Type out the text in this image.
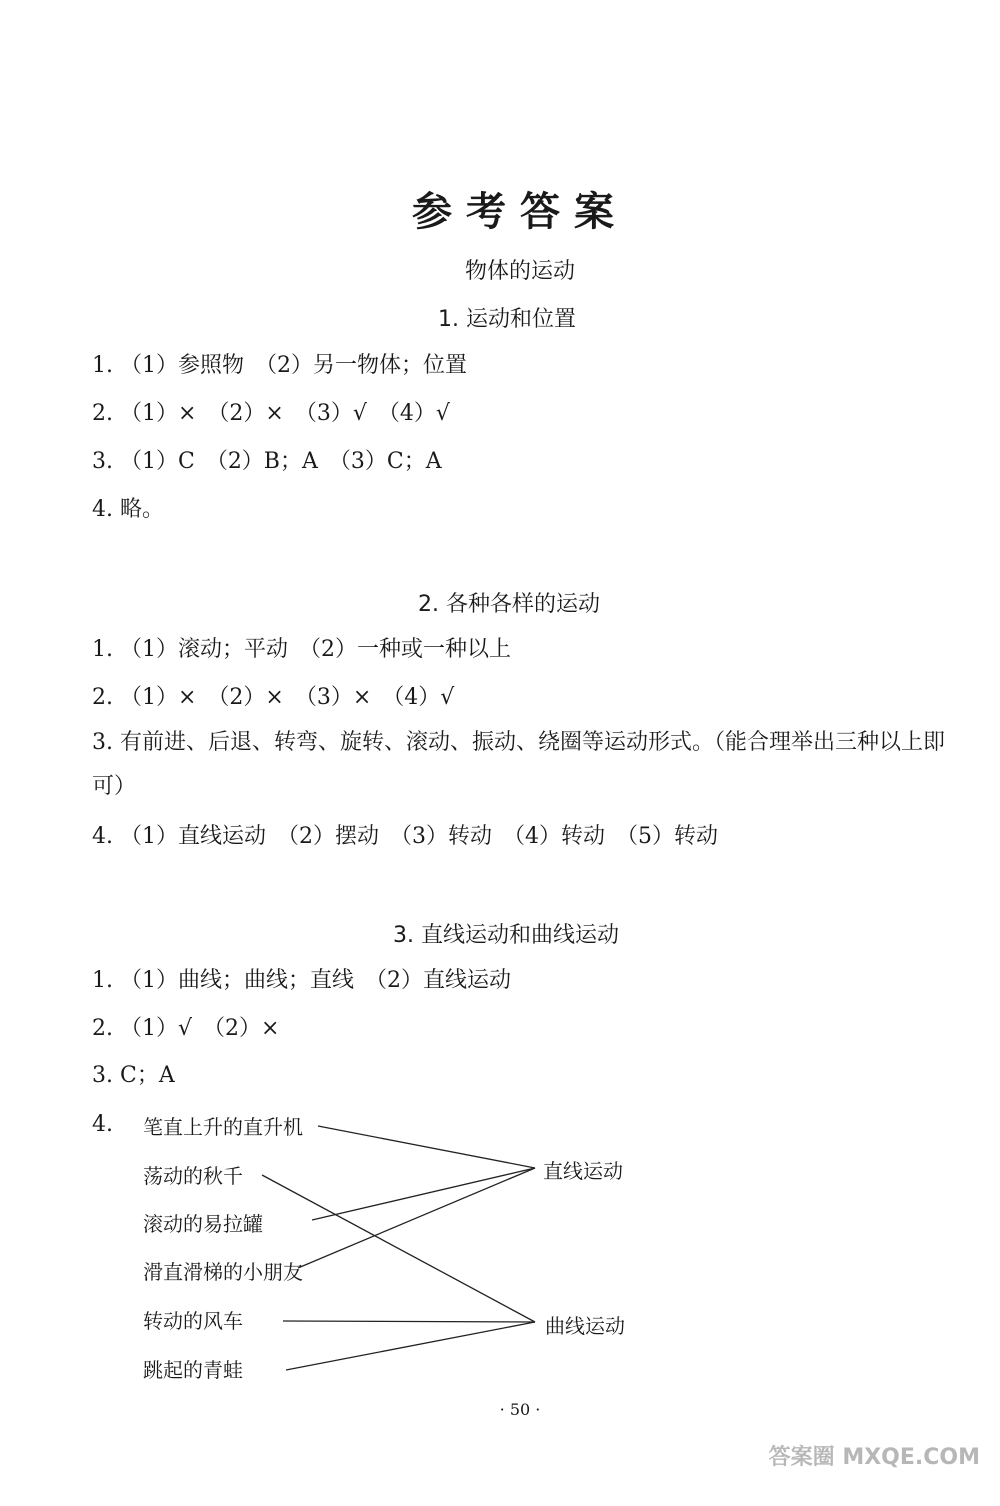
参考答案
物体的运动
1. 运动和位置
1. （1）参照物　（2）另一物体；位置
2. （1）×　（2）×　（3）√　（4）√
3. （1）C　（2）B；A　（3）C；A
4. 略。
2. 各种各样的运动
1. （1）滚动；平动　（2）一种或一种以上
2. （1）×　（2）×　（3）×　（4）√
3. 有前进、后退、转弯、旋转、滚动、振动、绕圈等运动形式。（能合理举出三种以上即可）
4. （1）直线运动　（2）摆动　（3）转动　（4）转动　（5）转动
3. 直线运动和曲线运动
1. （1）曲线；曲线；直线　（2）直线运动
2. （1）√　（2）×
3. C；A
4. 笔直上升的直升机
荡动的秋千
滚动的易拉罐
滑直滑梯的小朋友
转动的风车
跳起的青蛙
直线运动
曲线运动
· 50 ·
答案圈 MXQE.COM
